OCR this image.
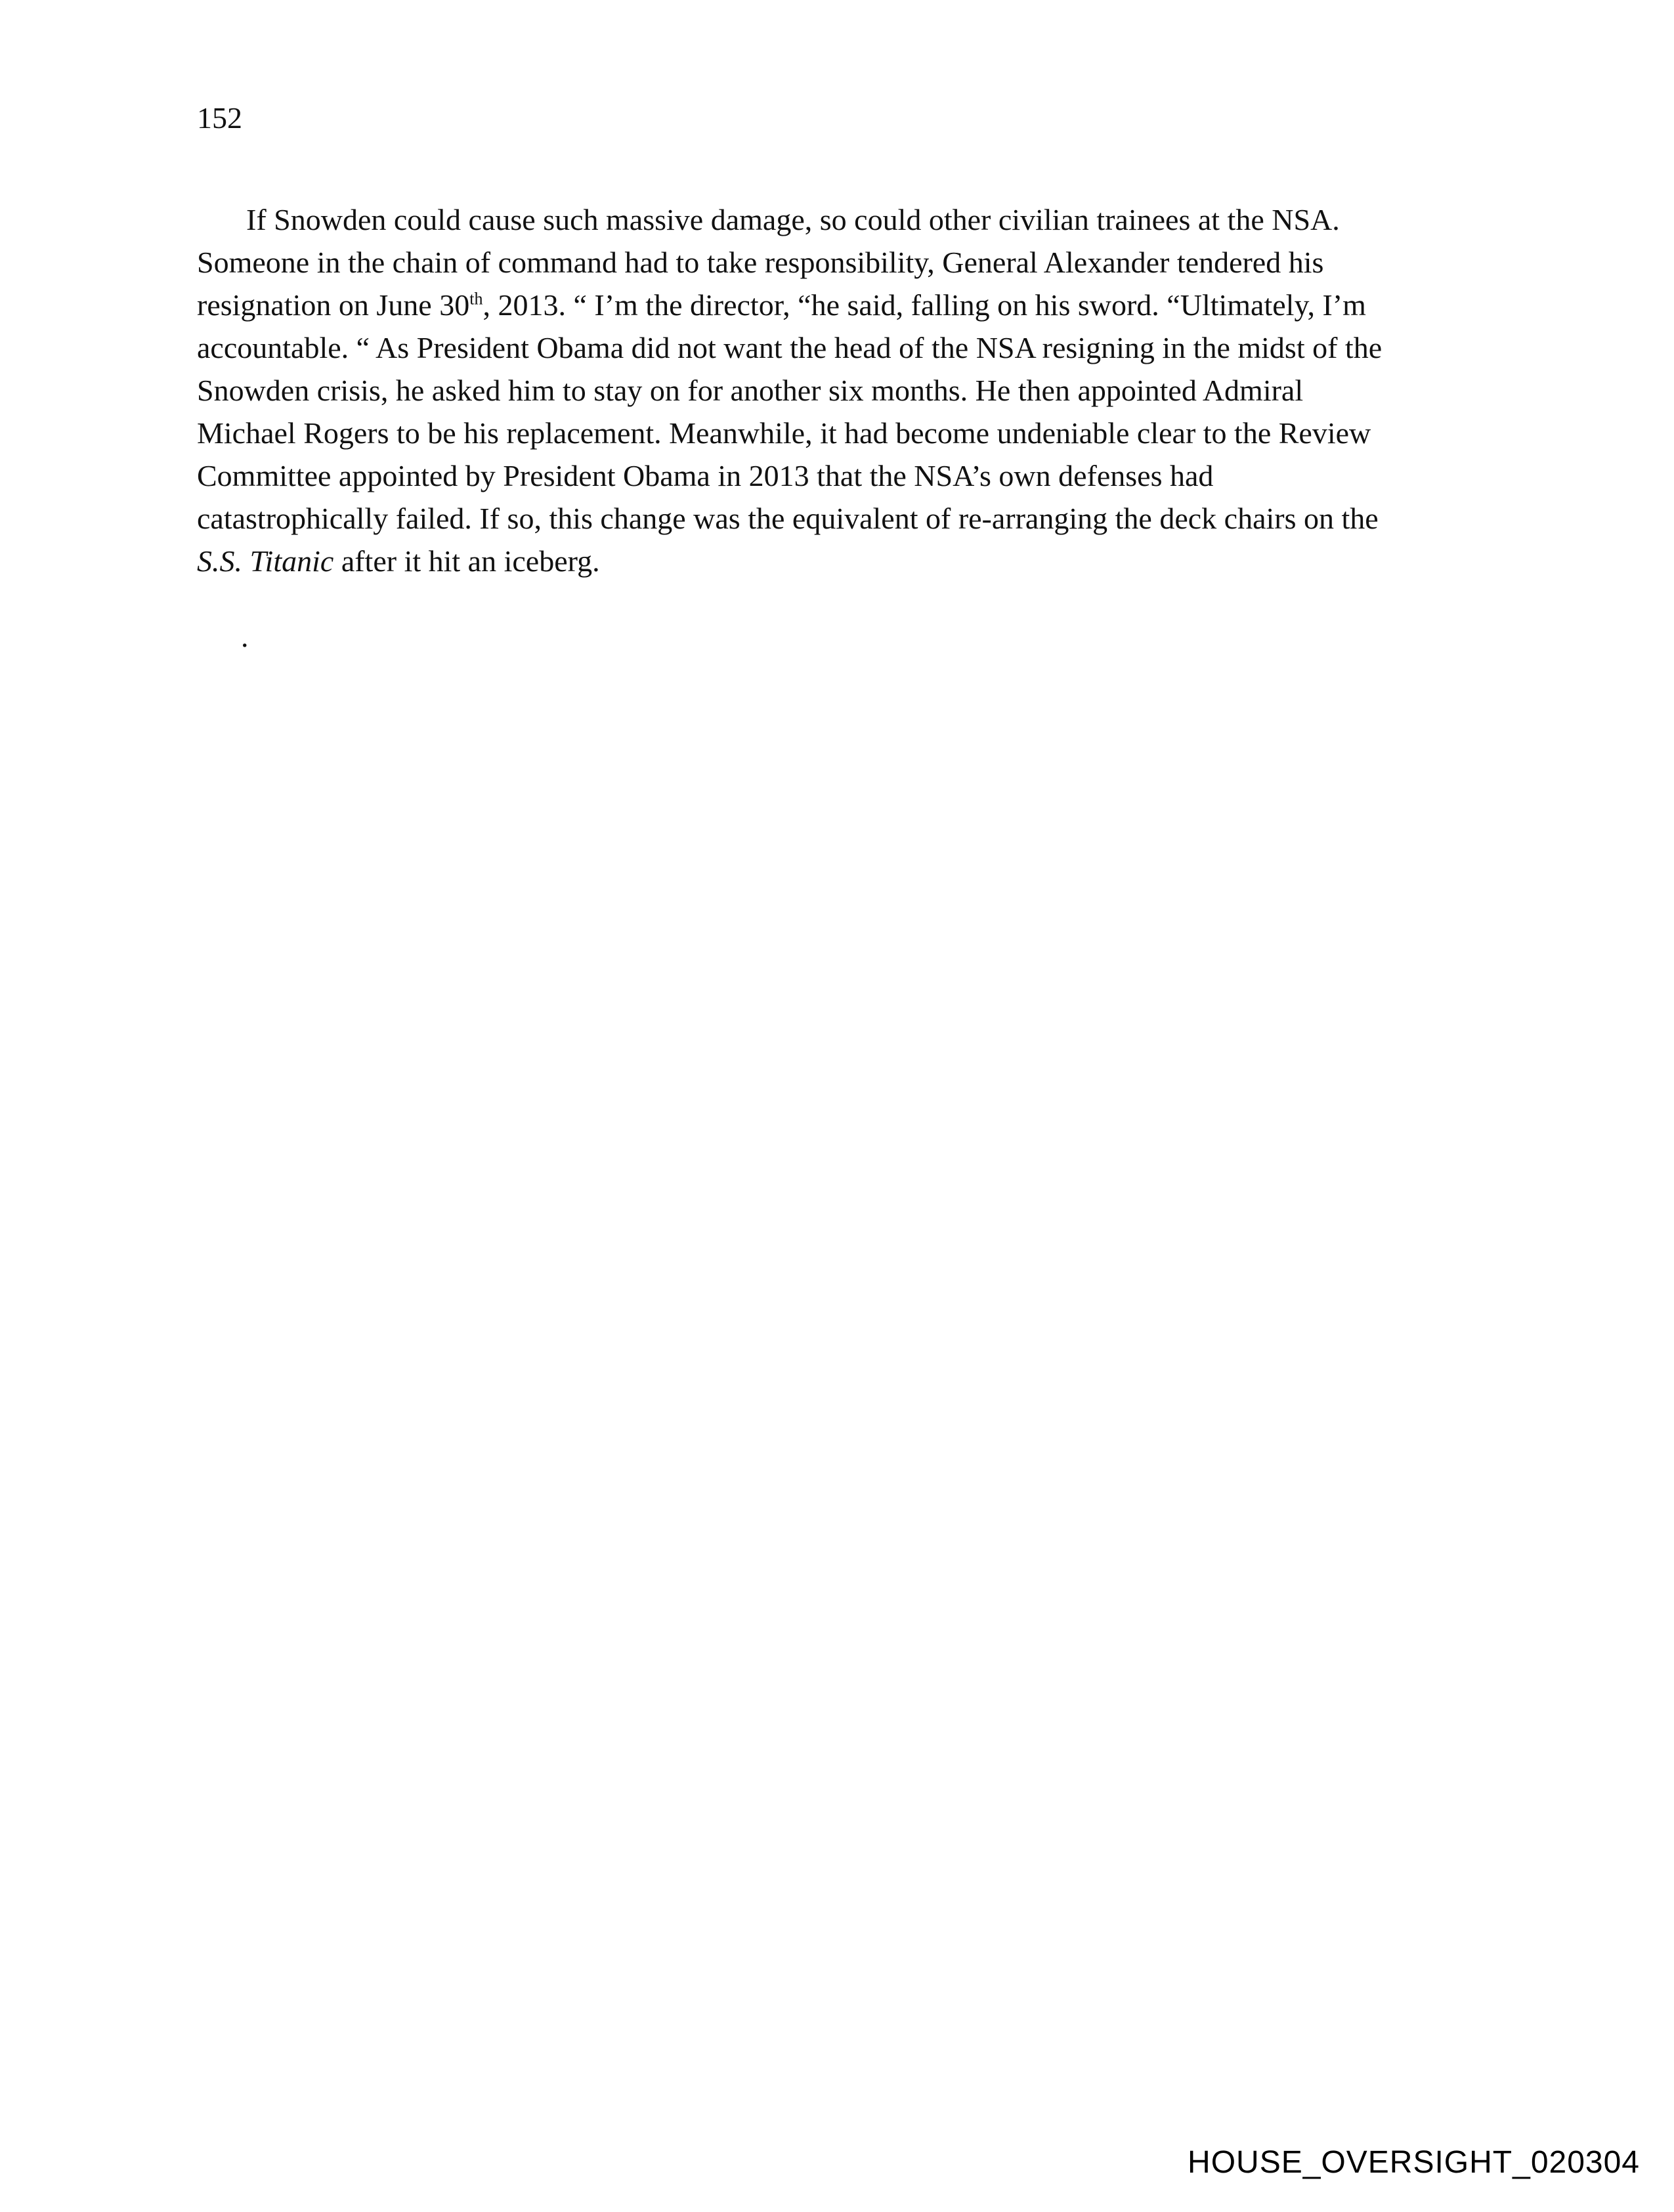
152
If Snowden could cause such massive damage, so could other civilian trainees at the NSA.
Someone in the chain of command had to take responsibility, General Alexander tendered his
resignation on June 30th, 2013. “ I’m the director, “he said, falling on his sword. “Ultimately, I’m
accountable. “ As President Obama did not want the head of the NSA resigning in the midst of the
Snowden crisis, he asked him to stay on for another six months. He then appointed Admiral
Michael Rogers to be his replacement. Meanwhile, it had become undeniable clear to the Review
Committee appointed by President Obama in 2013 that the NSA’s own defenses had
catastrophically failed. If so, this change was the equivalent of re-arranging the deck chairs on the
S.S. Titanic after it hit an iceberg.
.
HOUSE_OVERSIGHT_020304
